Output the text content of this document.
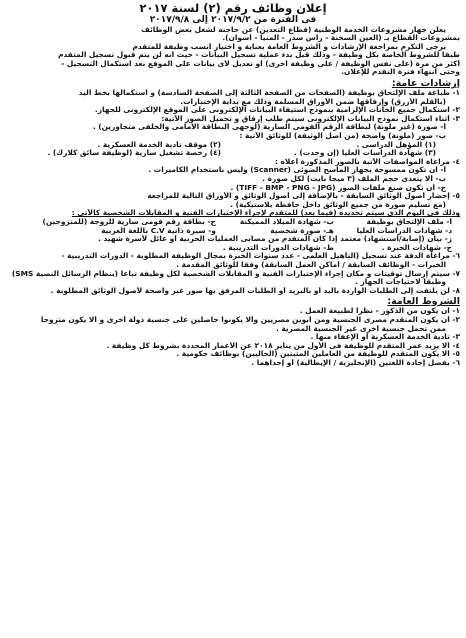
إعلان وظائف رقم (٢) لسنة ٢٠١٧
فى الفترة من ٢٠١٧/٩/٢ إلى ٢٠١٧/٩/٨
يعلن جهاز مشروعات الخدمة الوطنية (قطاع التعدين) عن حاجته لشغل بعض الوظائف
بمشروعات القطاع بـ (العين السخنة - رأس سدر - المنيا - أسوان).
يرجى التكرم بمراجعة الإرشادات و الشروط العامة بعناية و اختيار أنسب وظيفة للمتقدم
طبقا للشروط الخاصة بكل وظيفة - وذلك قبل بدء عملية تسجيل البيانات - حيث أنه لن يتم قبول تسجيل المتقدم
أكثر من مرة (على نفس الوظيفة / على وظيفة أخرى) أو تعديل لأى بيانات على الموقع بعد استكمال التسجيل -
وحتى انتهاء فترة التقدم للإعلان.
إرشادات عامة:
١- طباعة ملف الإلتحاق بوظيفة (الصفحات من الصفحة الثالثة إلى الصفحة السادسة) و استكمالها بخط اليد
(بالقلم الأزرق) وإرفاقها ضمن الأوراق المسلمة وذلك مع بداية الإختبارات.
٢- استكمال جميع الخانات الإلزامية بنموذج استيفاء البيانات الإلكترونى على الموقع الإلكترونى للجهاز.
٣- أثناء استكمال نموذج البيانات الإلكترونى سيتم طلب إرفاق و تحميل الصور الآتية:
أ- صورة (غير ملونة) لبطاقة الرقم القومى السارية (لوجهى البطاقة الأمامى والخلفى متجاورين) .
ب- صور (ملونة) واضحة (من أصل الوثيقة) للوثائق الآتية :
(١) المؤهل الدراسى .
(٢) موقف تأدية الخدمة العسكرية .
(٣) شهادة الدراسات العليا (إن وجدت) .
(٤) رخصة تشغيل سارية (لوظيفة سائق كلارك) .
٤- مراعاة المواصفات الآتية بالصور المذكورة أعلاه :
أ- أن تكون ممسوحة بجهاز الماسح الضوئى (Scanner) وليس باستخدام الكاميرات .
ب- ألا يتعدى حجم الملف (٣ ميجا بايت) لكل صورة .
ج- أن تكون صيغ ملفات الصور (TIFF - BMP - PNG - JPG) .
٥- إحضار أصول الوثائق السابقة - بالإضافة إلى أصول الوثائق و الأوراق التالية للمراجعة
(مع تسليم صورة من جميع الوثائق داخل حافظة بلاستيكية) .
وذلك فى اليوم الذى سيتم تحديده (فيما بعد) للمتقدم لإجراء الإختبارات الفنية و المقابلات الشخصية كالآتى :
أ- ملف الإلتحاق بوظيفة
ب- شهادة الميلاد المميكنة
ج- بطاقة رقم قومى سارية للزوجة (للمتزوجين)
د- شهادات الدراسات العليا
هـ- صورة شخصية
و- سيرة ذاتية C.V باللغة العربية
ز- بيان (إصابة/استشهاد) معتمد إذا كان المتقدم من مصابى العمليات الحربية أو عائل لأسرة شهيد .
ح- شهادات الخبرة .
ط- شهادات الدورات التدريبية .
٦- مراعاة الدقة عند تسجيل (التأهيل العلمى - عدد سنوات الخبرة بمجال الوظيفة المطلوبة - الدورات التدريبية -
الخبرات - الوظائف السابقة / أماكن العمل السابقة) وفقا للوثائق المقدمة .
٧- سيتم إرسال توقيتات و مكان إجراء الإختبارات الفنية و المقابلات الشخصية لكل وظيفة تباعا (بنظام الرسائل النصية SMS)
وطبقا لاحتياجات الجهاز .
٨- لن يلتفت إلى الطلبات الواردة باليد أو بالبريد أو الطلبات المرفق بها صور غير واضحة لأصول الوثائق المطلوبة .
الشروط العامة:
١- أن يكون من الذكور - نظرا لطبيعة العمل .
٢- أن يكون المتقدم مصرى الجنسية ومن أبوين مصريين وألا يكونوا حاصلين على جنسية دولة أخرى و ألا يكون متزوجاً
ممن تحمل جنسية أخرى غير الجنسية المصرية .
٣- تأدية الخدمة العسكرية أو الإعفاء منها .
٤- ألا يزيد عمر المتقدم للوظيفة فى الأول من يناير ٢٠١٨ عن الأعمار المحددة بشروط كل وظيفة .
٥- ألا يكون المتقدم للوظيفة من العاملين المثبتين (الحاليين) بوظائف حكومية .
٦- يفضل إجادة اللغتين (الإنجليزية / الإيطالية) أو إحداهما .
